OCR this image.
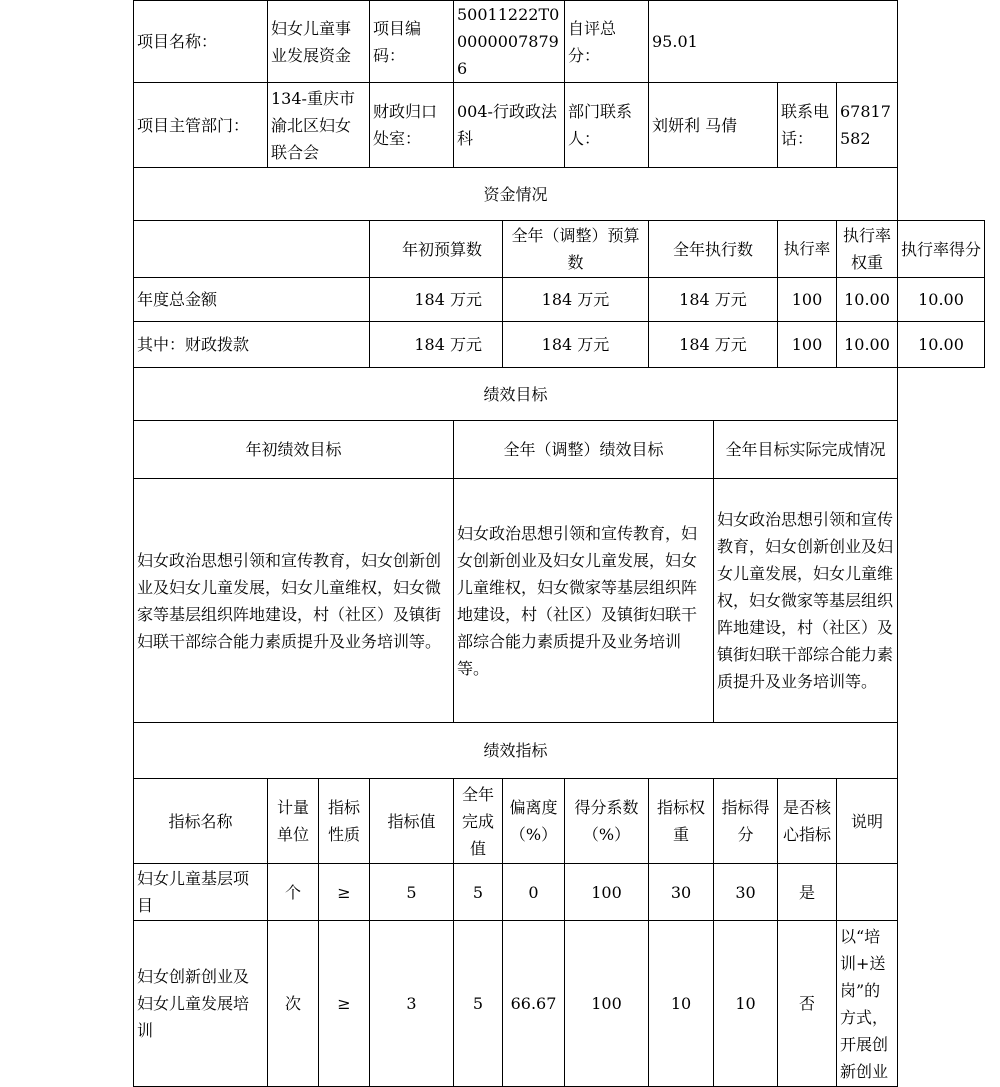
项目名称：	妇女儿童事业发展资金		项目编码：	50011222T000000078796		自评总分：	95.01				
项目主管部门：	134-重庆市渝北区妇女联合会		财政归口处室：	004-行政政法科		部门联系人：	刘妍利 马倩		联系电话：	67817582	
资金情况											
			年初预算数		全年（调整）预算数		全年执行数		执行率	执行率权重	执行率得分
年度总金额			184 万元		184 万元		184 万元		100	10.00	10.00
其中：财政拨款			184 万元		184 万元		184 万元		100	10.00	10.00
绩效目标											
年初绩效目标				全年（调整）绩效目标				全年目标实际完成情况			
妇女政治思想引领和宣传教育，妇女创新创业及妇女儿童发展，妇女儿童维权，妇女微家等基层组织阵地建设，村（社区）及镇街妇联干部综合能力素质提升及业务培训等。				妇女政治思想引领和宣传教育，妇女创新创业及妇女儿童发展，妇女儿童维权，妇女微家等基层组织阵地建设，村（社区）及镇街妇联干部综合能力素质提升及业务培训等。				妇女政治思想引领和宣传教育，妇女创新创业及妇女儿童发展，妇女儿童维权，妇女微家等基层组织阵地建设，村（社区）及镇街妇联干部综合能力素质提升及业务培训等。			
绩效指标											
指标名称	计量单位	指标性质	指标值	全年完成值	偏离度（%）	得分系数（%）	指标权重	指标得分	是否核心指标	说明	
妇女儿童基层项目	个	≥	5	5	0	100	30	30	是		
妇女创新创业及妇女儿童发展培训	次	≥	3	5	66.67	100	10	10	否	以“培训+送岗”的方式，开展创新创业	
